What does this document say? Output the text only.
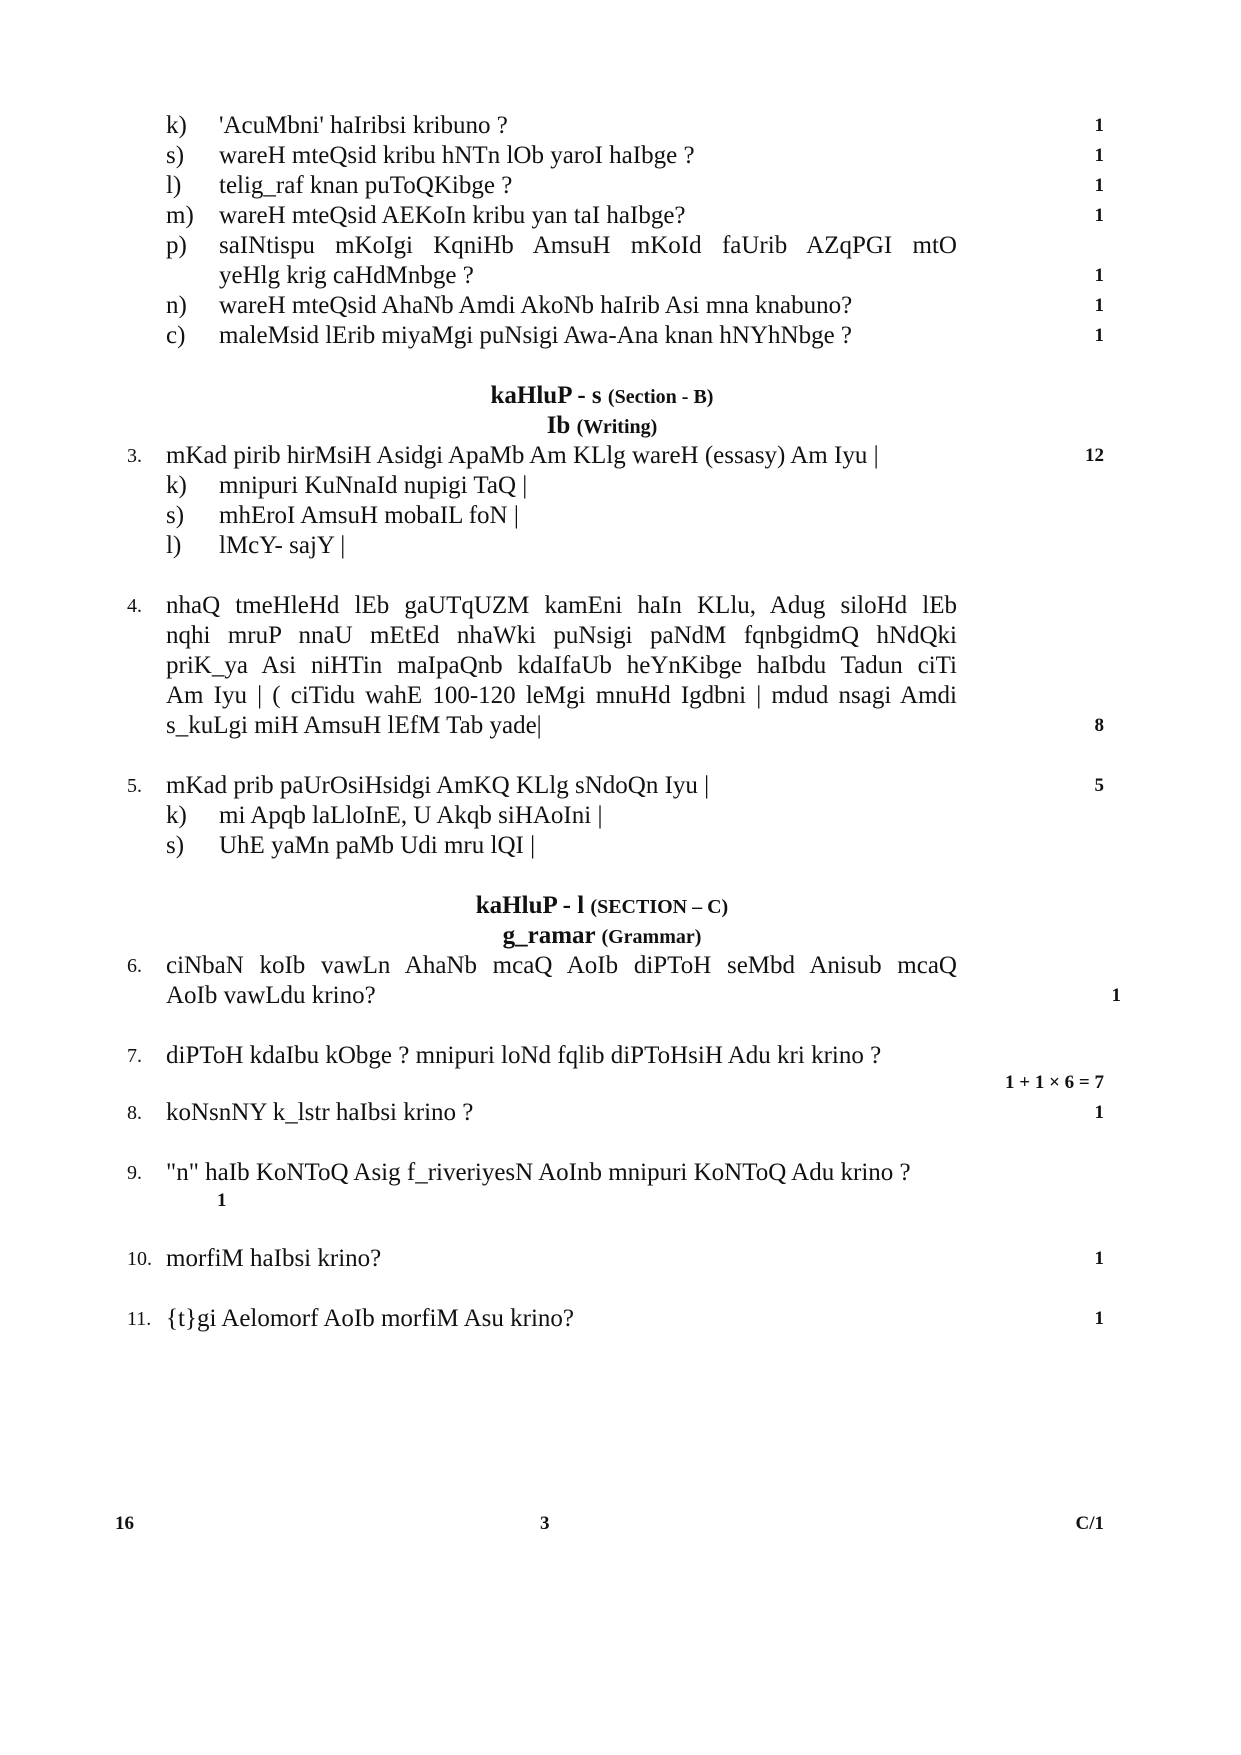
k) 'AcuMbni' haIribsi kribuno ?	1
s) wareH mteQsid kribu hNTn lOb yaroI haIbge ?	1
l) telig_raf knan puToQKibge ?	1
m) wareH mteQsid AEKoIn kribu yan taI haIbge?	1
p) saINtispu mKoIgi KqniHb AmsuH mKoId faUrib AZqPGI mtO
yeHlg krig caHdMnbge ?	1
n) wareH mteQsid AhaNb Amdi AkoNb haIrib Asi mna knabuno?	1
c) maleMsid lErib miyaMgi puNsigi Awa-Ana knan hNYhNbge ?	1
kaHluP - s (Section - B)
Ib (Writing)
3. mKad pirib hirMsiH Asidgi ApaMb Am KLlg wareH (essasy) Am Iyu |	12
k) mnipuri KuNnaId nupigi TaQ |
s) mhEroI AmsuH mobaIL foN |
l) lMcY- sajY |
4. nhaQ tmeHleHd lEb gaUTqUZM kamEni haIn KLlu, Adug siloHd lEb
nqhi mruP nnaU mEtEd nhaWki puNsigi paNdM fqnbgidmQ hNdQki
priK_ya Asi niHTin maIpaQnb kdaIfaUb heYnKibge haIbdu Tadun ciTi
Am Iyu | ( ciTidu wahE 100-120 leMgi mnuHd Igdbni | mdud nsagi Amdi
s_kuLgi miH AmsuH lEfM Tab yade|	8
5. mKad prib paUrOsiHsidgi AmKQ KLlg sNdoQn Iyu |	5
k) mi Apqb laLloInE, U Akqb siHAoIni |
s) UhE yaMn paMb Udi mru lQI |
kaHluP - l (SECTION – C)
g_ramar (Grammar)
6. ciNbaN koIb vawLn AhaNb mcaQ AoIb diPToH seMbd Anisub mcaQ
AoIb vawLdu krino?	1
7. diPToH kdaIbu kObge ? mnipuri loNd fqlib diPToHsiH Adu kri krino ?
1 + 1 × 6 = 7
8. koNsnNY k_lstr haIbsi krino ?	1
9. "n" haIb KoNToQ Asig f_riveriyesN AoInb mnipuri KoNToQ Adu krino ?
1
10. morfiM haIbsi krino?	1
11. {t}gi Aelomorf AoIb morfiM Asu krino?	1
16	3	C/1
